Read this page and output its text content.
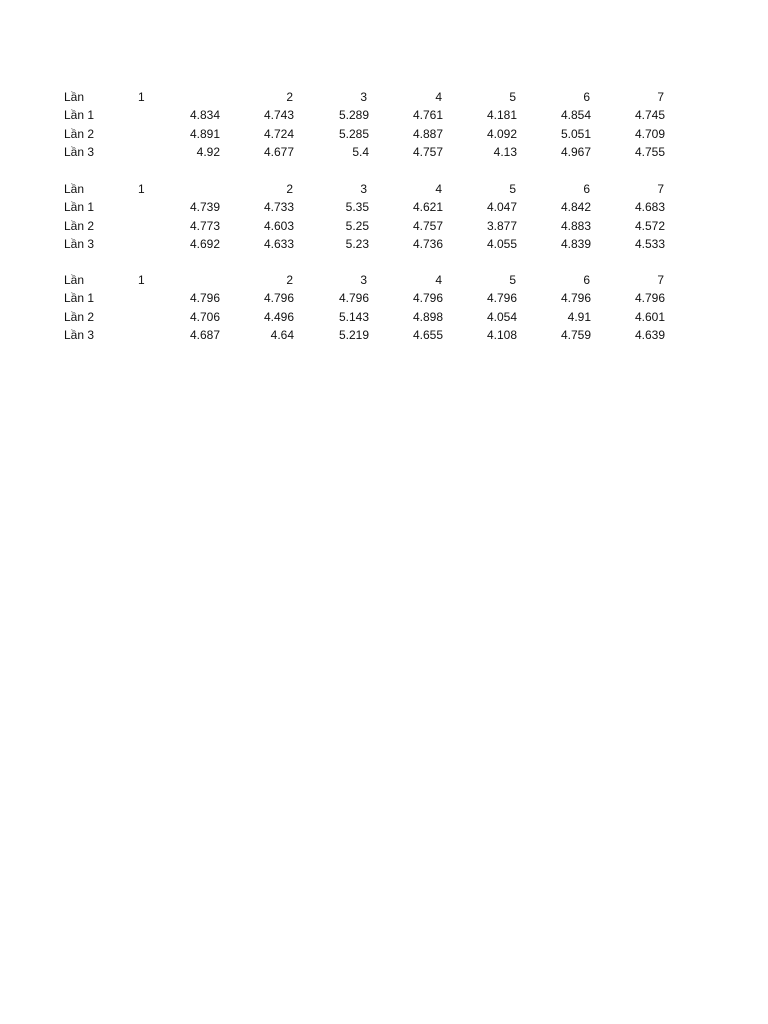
Lần	1	2	3	4	5	6	7
Lần 1	4.834	4.743	5.289	4.761	4.181	4.854	4.745
Lần 2	4.891	4.724	5.285	4.887	4.092	5.051	4.709
Lần 3	4.92	4.677	5.4	4.757	4.13	4.967	4.755
Lần	1	2	3	4	5	6	7
Lần 1	4.739	4.733	5.35	4.621	4.047	4.842	4.683
Lần 2	4.773	4.603	5.25	4.757	3.877	4.883	4.572
Lần 3	4.692	4.633	5.23	4.736	4.055	4.839	4.533
Lần	1	2	3	4	5	6	7
Lần 1	4.796	4.796	4.796	4.796	4.796	4.796	4.796
Lần 2	4.706	4.496	5.143	4.898	4.054	4.91	4.601
Lần 3	4.687	4.64	5.219	4.655	4.108	4.759	4.639
